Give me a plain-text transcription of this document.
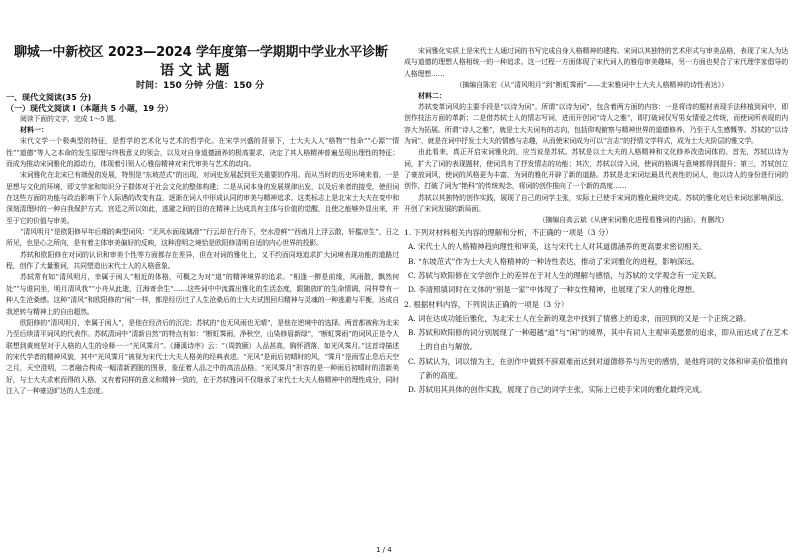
聊城一中新校区 2023—2024 学年度第一学期期中学业水平诊断
语 文 试 题
时间：150 分钟 分值：150 分
一、现代文阅读(35 分)
（一）现代文阅读 I（本题共 5 小题，19 分）

阅读下面的文字，完成 1～5 题。

材料一：

宋代文学一个极典型的特征，是哲学的艺术化与艺术的哲学化。在宋学兴盛的背景下，士大夫人人“格物”“性命”“心源”“情性”“道德”等人之本命的发生原理与终极意义的领会，以及对自身道德涵养的极高要求，决定了其人格精神普遍呈现出理性的特征；而成为推动宋词雅化的源动力，体现着引领人心雅俗精神对宋代审美与艺术的动向。

宋词雅化在北宋已有端倪的发展，特别是“东坡范式”的出现，对词史发展起到至关重要的作用。而从当时的历史环境来看，一是思想与文化的环境，即文学家和知识分子群体对于社会文化的整体构建；二是从词本身的发展规律出发，以及后来者的接受，使但词在这些方面的功能与政治影响下个人际遇的改变有益，逐渐在词人中形成认同的审美与精神追求。这类标志上是北宋士大夫在变中和深刻清理时的一种自我保护方式。宫廷之所以如此，逃避之间的目的在精神上达成具有主体与价值的觉醒，且使之能够外显出来，并至于它的价值与审美。

“清风明月”是欧阳修早年后期的典型词风：“无风水面琉璃滑”“行云却在行舟下，空水澄鲜”“西南月上浮云散，轩槛凉生”，日之所见，也是心之所向，是有着主体审美偏好的反映，这种澄明之境恰是欧阳修清明自适的内心世界的投影。

苏轼和欧阳修在对词的认识和审美个性等方面都存在差异，但在对词的雅化上，又不约而同地追求扩大词境表现功能的道路过程，创作了大量雅词，共同塑造出宋代士人的人格意象。

苏轼常有如“清风明月，幸属于闲人”相近的体格，可概之为对“道”的精神境界的追求。“相逢一醉是前缘，风雨散，飘然何处”“与谁同坐，明月清风我”“小舟从此逝，江海寄余生”……这些词中中流露出雅化的生活态度，跟随放旷的生命情调，同样带有一种人生沧桑感。这种“清风”和欧阳修的“闲”一样，都是经历过了人生沧桑后的士大夫试图回归精神与灵魂的一种逃避与平衡，达成自我逆转与精神上的自由超然。

欧阳修的“清风明月，幸属于闲人”，是他在经济后的沉淀；苏轼的“也无风雨也无晴”，是他在逆境中的选择。两首都被称为北宋乃至后续清平词风的代表作。苏轼清词中“清新自然”的特点有如：“断虹霁雨，净秋空，山染修眉新绿”，“断虹霁雨”的词风正是令人联想到黄庭坚对于人格的人生的诠释一一“光风霁月”。《濂溪诗序》云：“（周敦颐）人品甚高，胸怀洒落，如光风霁月。”这首诗描述的宋代学者的精神风貌，其中“光风霁月”被视为宋代士大夫人格美的经典表述。“光风”是雨后初晴时的风，“霁月”是雨雪止息后天空之月，天空澄明，二者融合构成一幅清新洒脱的图景，象征着人品之中的高洁品格。“光风霁月”形容的是一种雨后初晴时的清新美好，与士大夫求索而得的人格、又有着同样的意义和精神一致的，在于苏轼雅词不仅继承了宋代士大夫人格精神中的理性成分，同时注入了一种豪迈旷达的人生态度。

宋词雅化实质上是宋代士人通过词的书写完成自身人格精神的建构。宋词以其独特的艺术形式与审美品格，表现了宋人为达成与道德的理想人格相统一的一种追求。这一过程一方面体现了宋代词人的雅俗审美趣味，另一方面也契合了宋代理学家倡导的人格理想……

（摘编自陈宏《从“清风明月”到“断虹霁雨”——北宋雅词中士大夫人格精神的诗性表达》）
材料二：

苏轼变革词风的主要手段是“以诗为词”。所谓“以诗为词”，包含着两方面的内容：一是将诗的题材表现手法移植到词中，即创作技法方面的革新；二是借苏轼士人的情志写词，进而开创词“诗人之雅”，即打破词仅写男女情爱之传统，而使词所表现的内容大为拓展。所谓“诗人之雅”，就是士大夫词有的志向，包括仰观俯察与精神世界的道德修养，乃至于人生感慨等。苏轼的“以诗为词”，就是在词中抒发士大夫的情感与志趣，从而使宋词成为可以“言志”的抒情文学样式，成为士大夫阶层的雅文学。

由此看来，真正开启宋词雅化的，应当说是苏轼。苏轼是以士大夫的人格精神和文化修养改造词体的。首先，苏轼以诗为词，扩大了词的表现题材，使词具有了抒发情志的功能；其次，苏轼以诗入词，使词的格调与意境都得到提升；第三，苏轼创立了豪放词风，使词的风格更为丰富，为词的雅化开辟了新的道路。苏轼是北宋词坛最具代表性的词人，他以诗人的身份进行词的创作，打破了词为“艳科”的传统观念，将词的创作推向了一个新的高度……

苏轼以其独特的创作实践，展现了自己的词学主张，实际上已使手宋词的雅化最终完成。苏轼的雅化对后来词坛影响深远，开创了宋词发展的新局面。

（摘编自高云斌《从唐宋词雅化进程看雅词的内涵》，有删改）

1. 下列对材料相关内容的理解和分析，不正确的一项是（3 分）

A. 宋代士人的人格精神趋向理性和审美，这与宋代士人对其道德涵养的更高要求密切相关。

B. “东坡范式”作为士大夫人格精神的一种诗性表达，推动了宋词雅化的进程，影响深远。

C. 苏轼与欧阳修在文学创作上的差异在于对人生的理解与感悟，与苏轼的文学观念有一定关联。

D. 李清照填词时在文体的“别是一家”中体现了一种女性精神，也展现了宋人的雅化理想。

2. 根据材料内容，下列说法正确的一项是（3 分）

A. 词在达成功能后雅化，为北宋士人在全新的观念中找到了情感上的追求，而回到的又是一个正统之路。

B. 苏轼和欧阳修的词分别展现了一种超越“道”与“闲”的境界，其中有词人主观审美愿景的追求，即从而达成了在艺术上的自由与解放。

C. 苏轼认为，词以情为主，在创作中做到不辞艰难而达到对道德修养与历史的感悟，是他将词的文体和审美价值推向了新的高度。

D. 苏轼用其具体的创作实践，展现了自己的词学主张，实际上已使手宋词的雅化最终完成。

1 / 4
